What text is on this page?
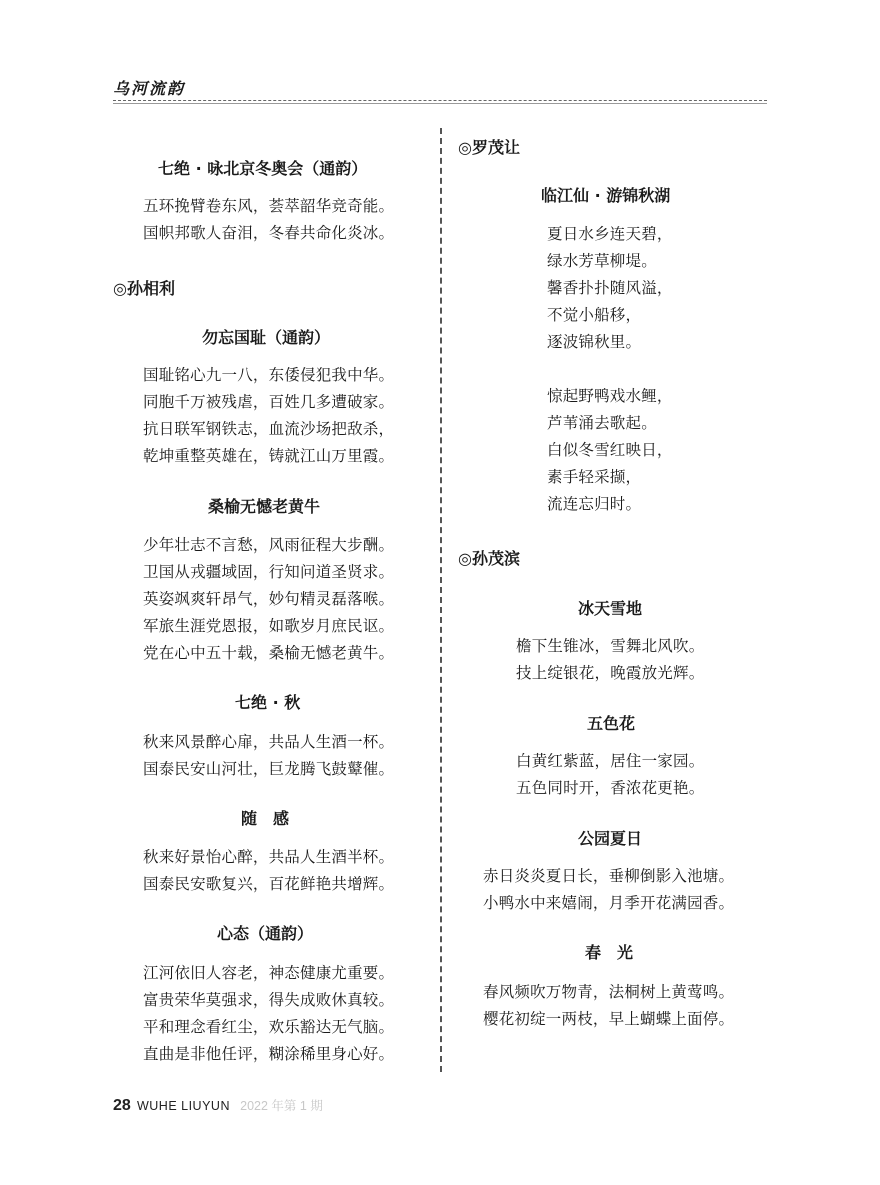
乌河流韵
七绝 · 咏北京冬奥会（通韵）
五环挽臂卷东风，荟萃韶华竞奇能。
国帜邦歌人奋泪，冬春共命化炎冰。
◎孙相利
勿忘国耻（通韵）
国耻铭心九一八，东倭侵犯我中华。
同胞千万被残虐，百姓几多遭破家。
抗日联军钢铁志，血流沙场把敌杀，
乾坤重整英雄在，铸就江山万里霞。
桑榆无憾老黄牛
少年壮志不言愁，风雨征程大步酬。
卫国从戎疆域固，行知问道圣贤求。
英姿飒爽轩昂气，妙句精灵磊落喉。
军旅生涯党恩报，如歌岁月庶民讴。
党在心中五十载，桑榆无憾老黄牛。
七绝 · 秋
秋来风景醉心扉，共品人生酒一杯。
国泰民安山河壮，巨龙腾飞鼓鼙催。
随　感
秋来好景怡心醉，共品人生酒半杯。
国泰民安歌复兴，百花鲜艳共增辉。
心态（通韵）
江河依旧人容老，神态健康尤重要。
富贵荣华莫强求，得失成败休真较。
平和理念看红尘，欢乐豁达无气脑。
直曲是非他任评，糊涂稀里身心好。
◎罗茂让
临江仙 · 游锦秋湖
夏日水乡连天碧，
绿水芳草柳堤。
馨香扑扑随风溢，
不觉小船移，
逐波锦秋里。
惊起野鸭戏水鲤，
芦苇涌去歌起。
白似冬雪红映日，
素手轻采撷，
流连忘归时。
◎孙茂滨
冰天雪地
檐下生锥冰，雪舞北风吹。
技上绽银花，晚霞放光辉。
五色花
白黄红紫蓝，居住一家园。
五色同时开，香浓花更艳。
公园夏日
赤日炎炎夏日长，垂柳倒影入池塘。
小鸭水中来嬉闹，月季开花满园香。
春　光
春风频吹万物青，法桐树上黄莺鸣。
樱花初绽一两枝，早上蝴蝶上面停。
28 WUHE LIUYUN 2022 年第 1 期
